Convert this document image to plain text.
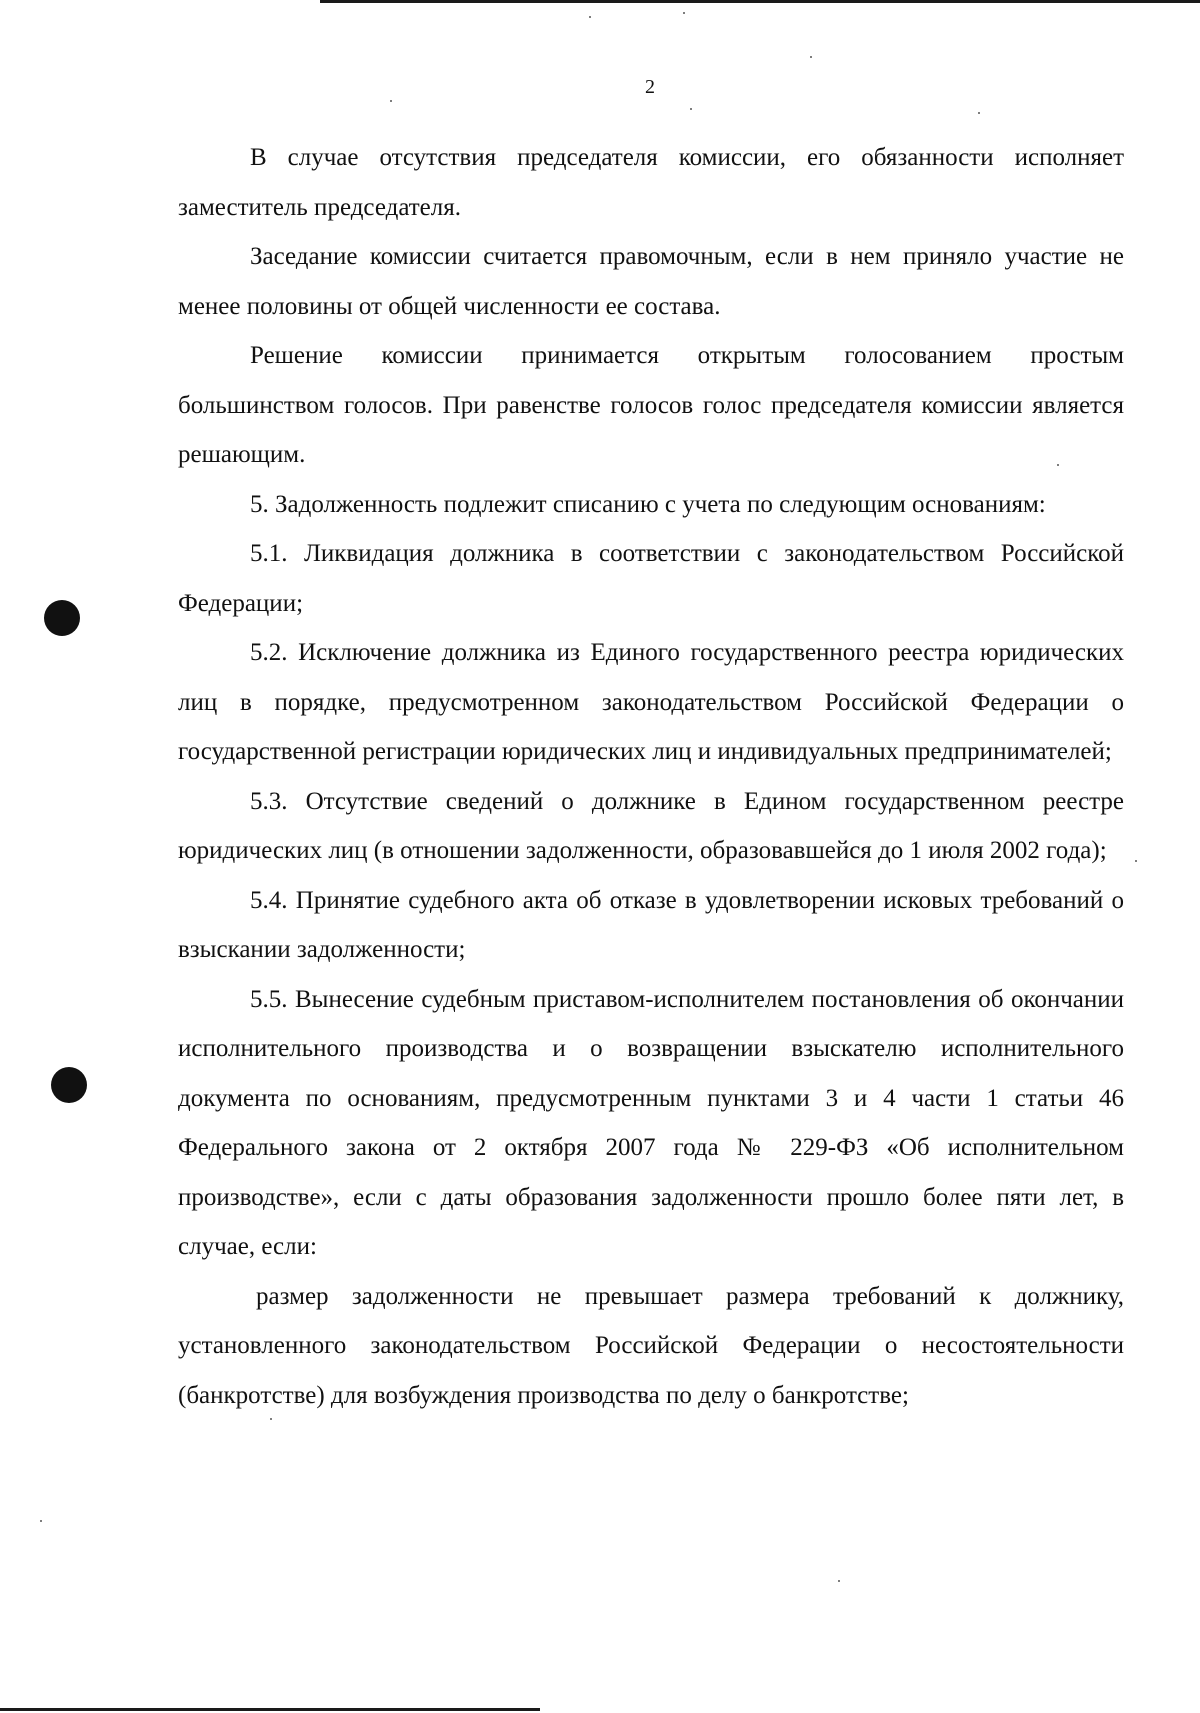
2

В случае отсутствия председателя комиссии, его обязанности исполняет заместитель председателя.

Заседание комиссии считается правомочным, если в нем приняло участие не менее половины от общей численности ее состава.

Решение комиссии принимается открытым голосованием простым большинством голосов. При равенстве голосов голос председателя комиссии является решающим.

5. Задолженность подлежит списанию с учета по следующим основаниям:

5.1. Ликвидация должника в соответствии с законодательством Российской Федерации;

5.2. Исключение должника из Единого государственного реестра юридических лиц в порядке, предусмотренном законодательством Российской Федерации о государственной регистрации юридических лиц и индивидуальных предпринимателей;

5.3. Отсутствие сведений о должнике в Едином государственном реестре юридических лиц (в отношении задолженности, образовавшейся до 1 июля 2002 года);

5.4. Принятие судебного акта об отказе в удовлетворении исковых требований о взыскании задолженности;

5.5. Вынесение судебным приставом-исполнителем постановления об окончании исполнительного производства и о возвращении взыскателю исполнительного документа по основаниям, предусмотренным пунктами 3 и 4 части 1 статьи 46 Федерального закона от 2 октября 2007 года № 229-ФЗ «Об исполнительном производстве», если с даты образования задолженности прошло более пяти лет, в случае, если:

размер задолженности не превышает размера требований к должнику, установленного законодательством Российской Федерации о несостоятельности (банкротстве) для возбуждения производства по делу о банкротстве;
